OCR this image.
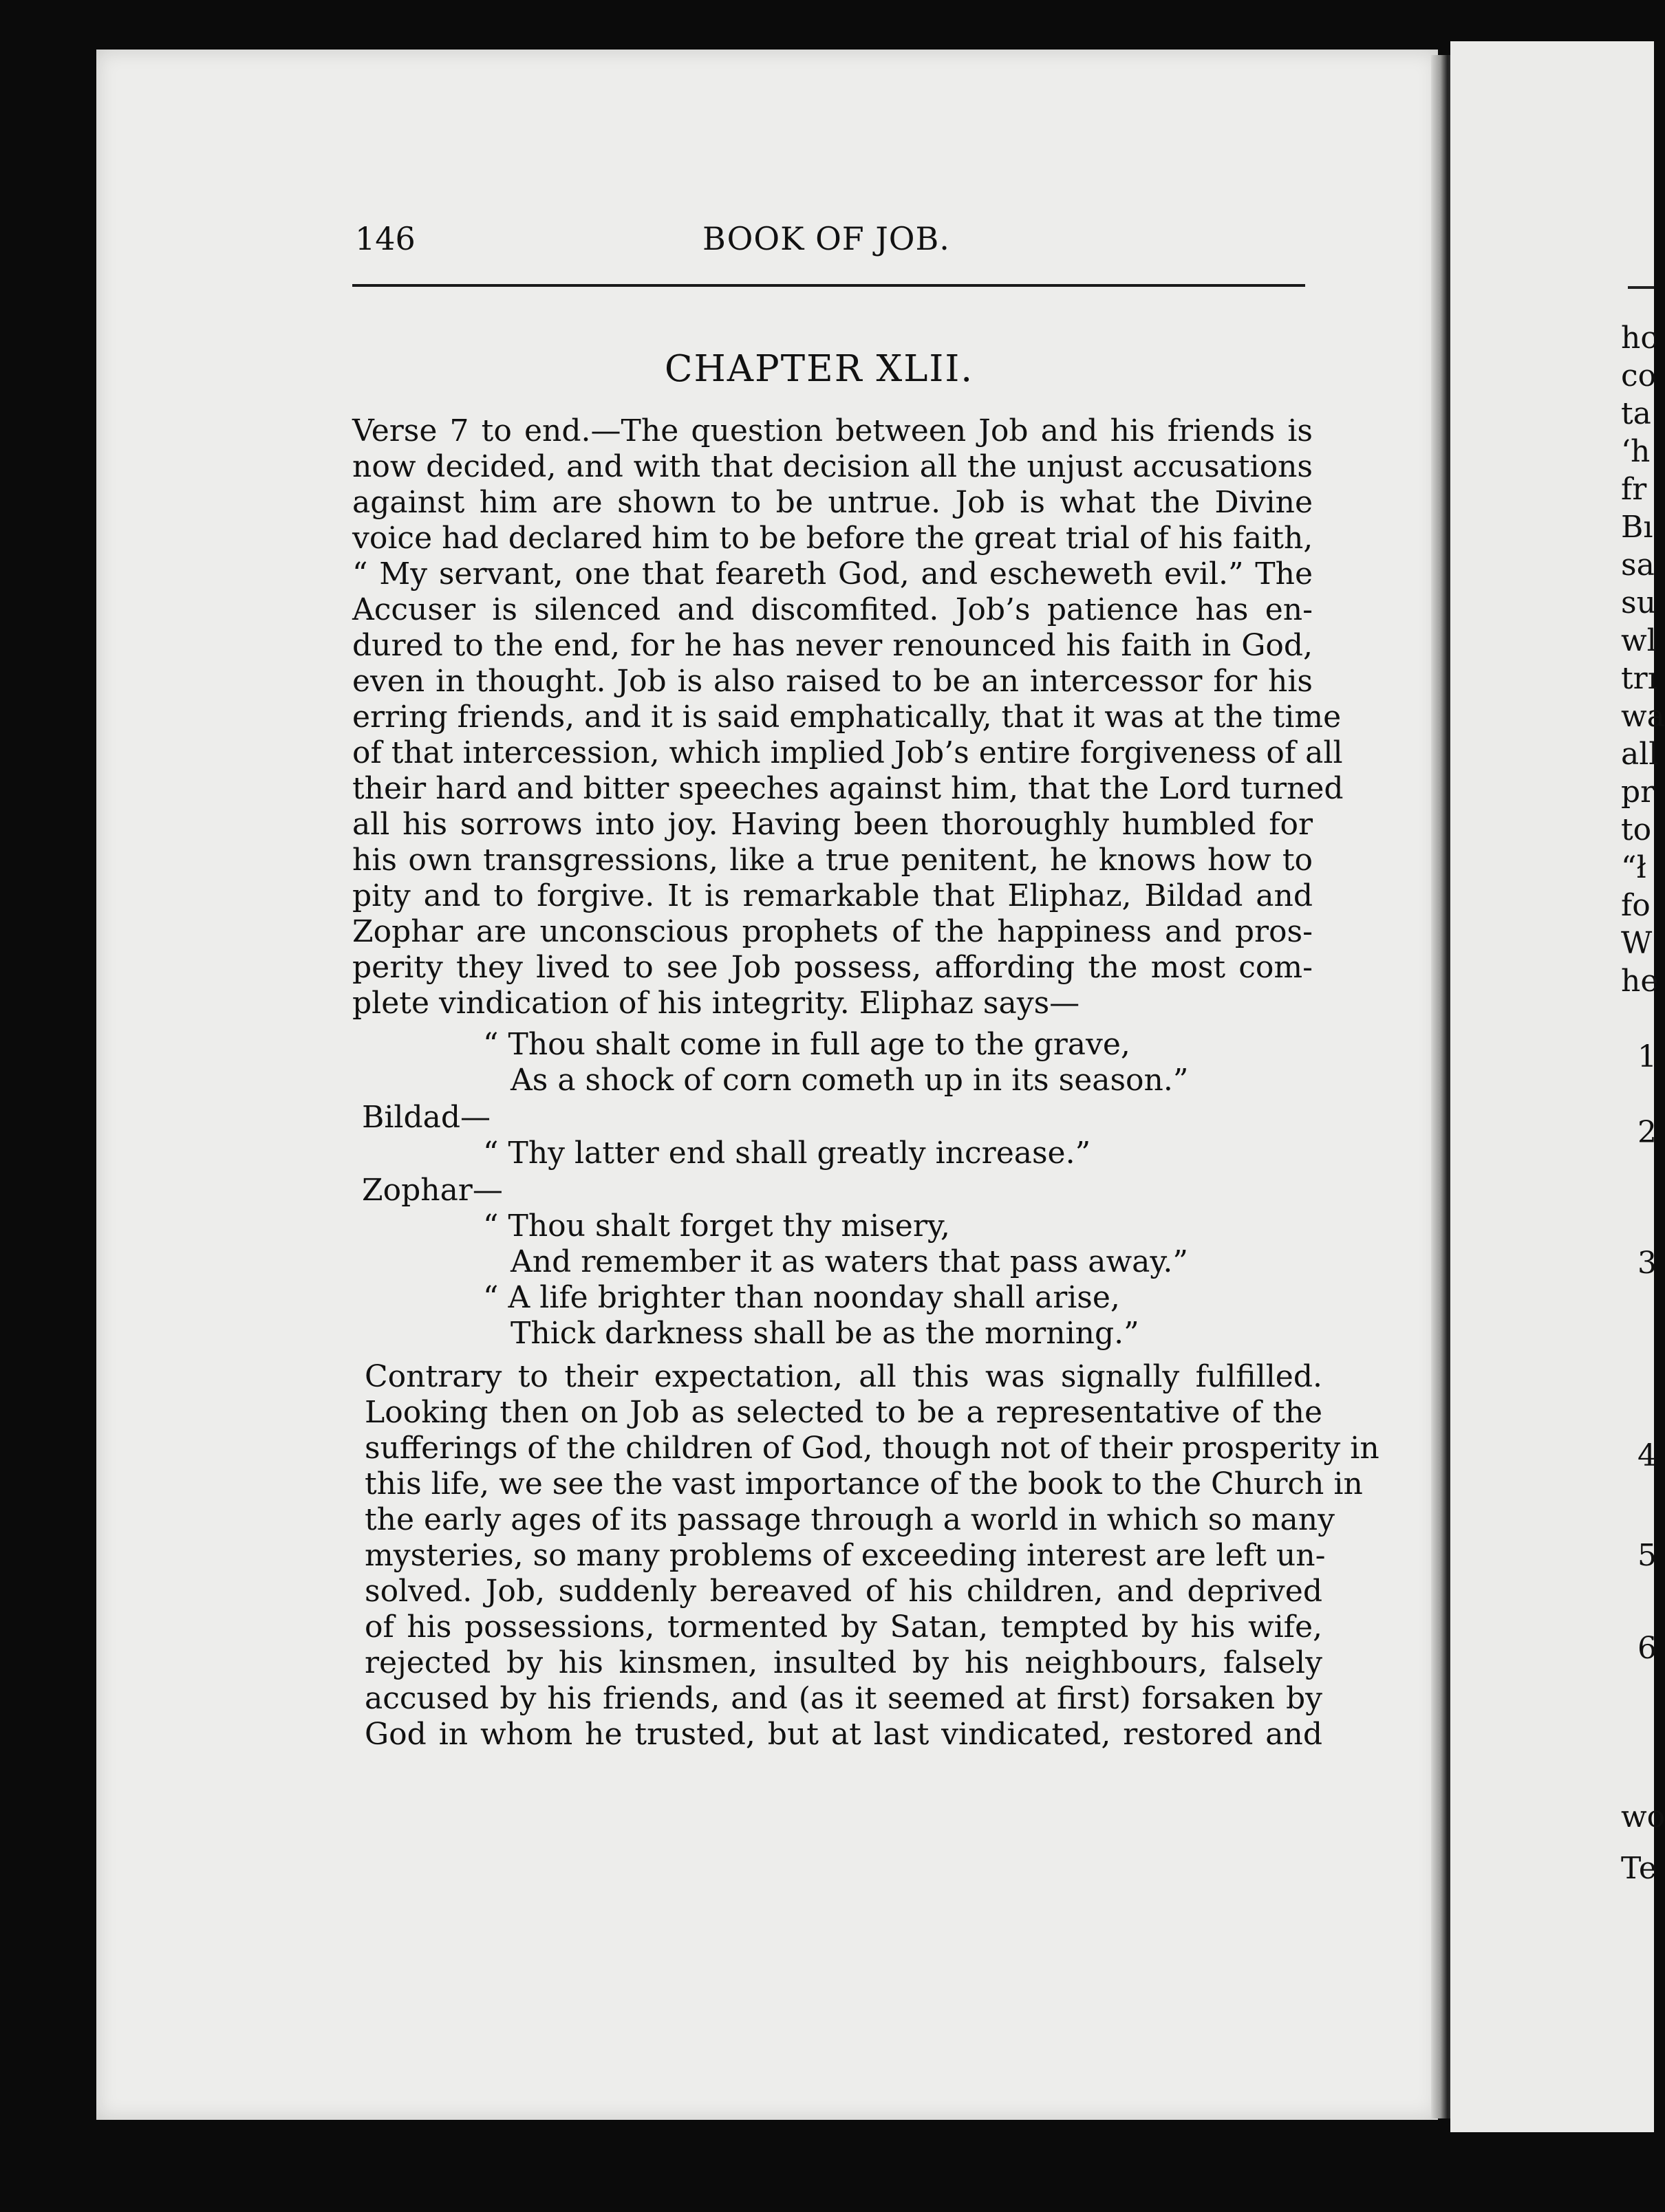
146	BOOK OF JOB.
CHAPTER XLII.
Verse 7 to end.—The question between Job and his friends is
now decided, and with that decision all the unjust accusations
against him are shown to be untrue. Job is what the Divine
voice had declared him to be before the great trial of his faith,
“ My servant, one that feareth God, and escheweth evil.” The
Accuser is silenced and discomfited. Job’s patience has en-
dured to the end, for he has never renounced his faith in God,
even in thought. Job is also raised to be an intercessor for his
erring friends, and it is said emphatically, that it was at the time
of that intercession, which implied Job’s entire forgiveness of all
their hard and bitter speeches against him, that the Lord turned
all his sorrows into joy. Having been thoroughly humbled for
his own transgressions, like a true penitent, he knows how to
pity and to forgive. It is remarkable that Eliphaz, Bildad and
Zophar are unconscious prophets of the happiness and pros-
perity they lived to see Job possess, affording the most com-
plete vindication of his integrity. Eliphaz says—
“ Thou shalt come in full age to the grave,
As a shock of corn cometh up in its season.”
Bildad—
“ Thy latter end shall greatly increase.”
Zophar—
“ Thou shalt forget thy misery,
And remember it as waters that pass away.”
“ A life brighter than noonday shall arise,
Thick darkness shall be as the morning.”
Contrary to their expectation, all this was signally fulfilled.
Looking then on Job as selected to be a representative of the
sufferings of the children of God, though not of their prosperity in
this life, we see the vast importance of the book to the Church in
the early ages of its passage through a world in which so many
mysteries, so many problems of exceeding interest are left un-
solved. Job, suddenly bereaved of his children, and deprived
of his possessions, tormented by Satan, tempted by his wife,
rejected by his kinsmen, insulted by his neighbours, falsely
accused by his friends, and (as it seemed at first) forsaken by
God in whom he trusted, but at last vindicated, restored and
hc
co
ta
‘h
fr
Bı
sa
su
wl
trı
wa
all
pr
to
“ł
fo
W
he
1
2
3
4
5
6
wo
Te
